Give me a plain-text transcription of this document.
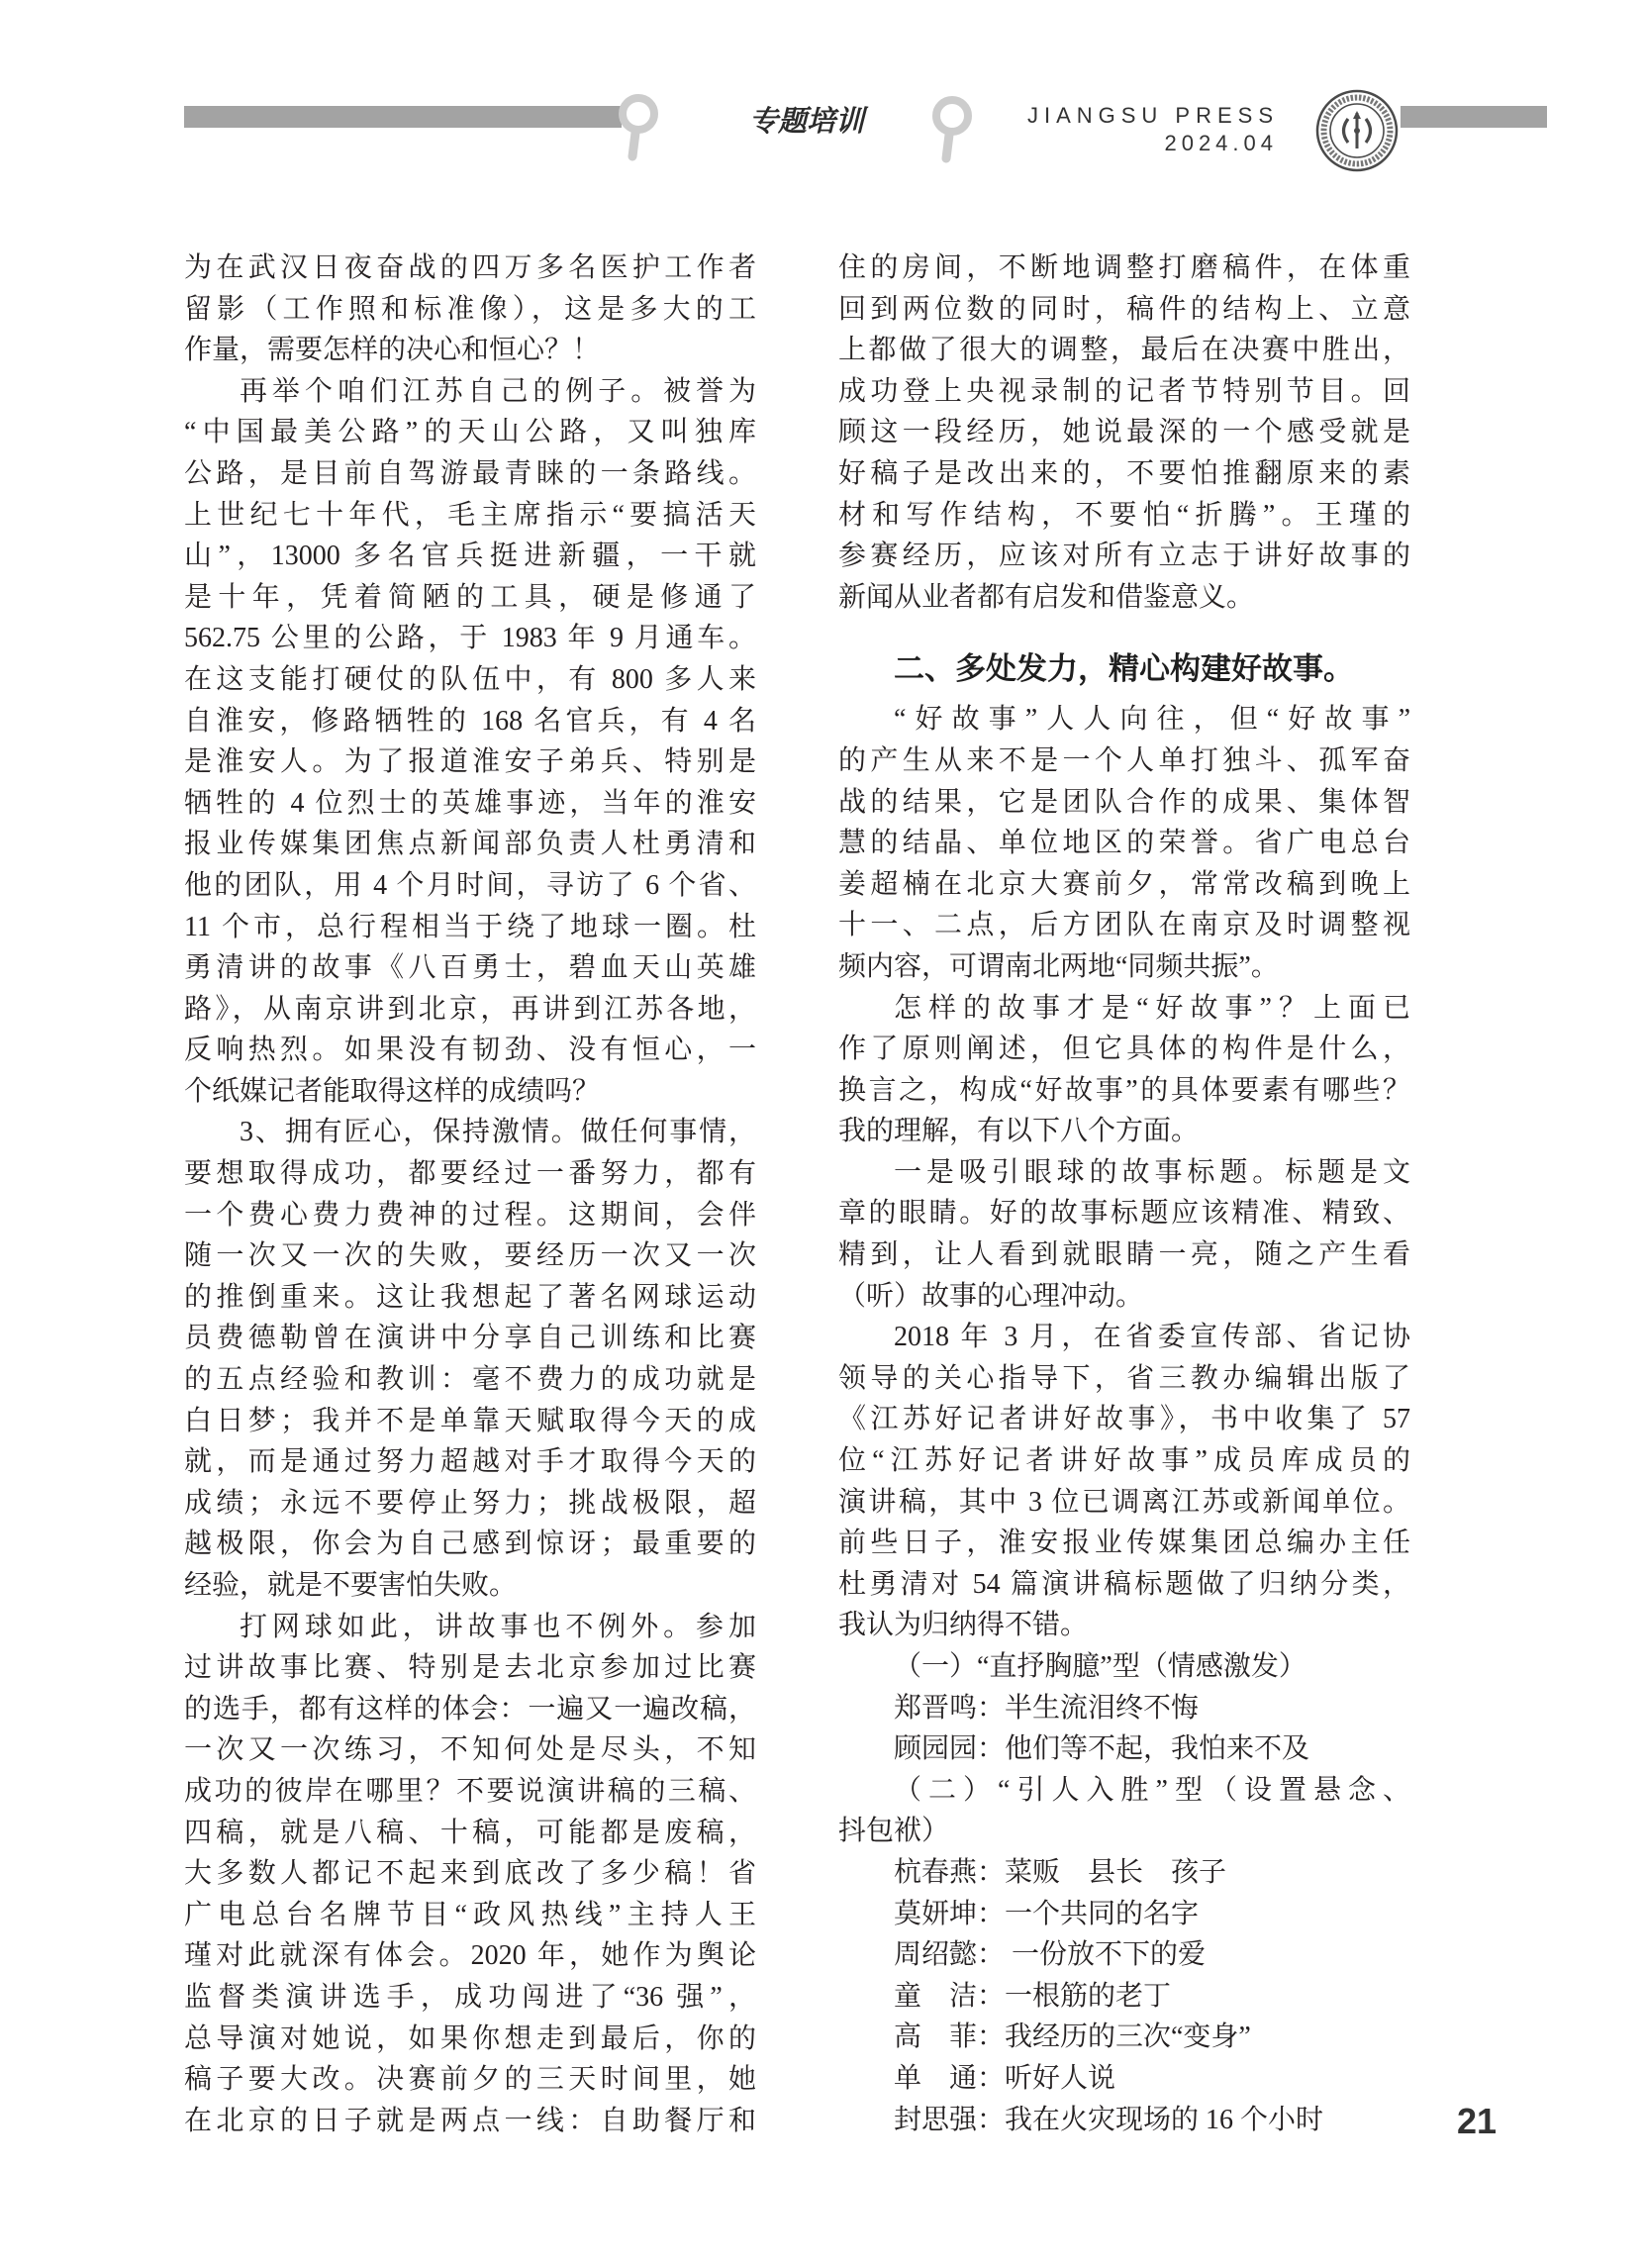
专题培训	JIANGSU PRESS
2024.04
为在武汉日夜奋战的四万多名医护工作者
留影（工作照和标准像），这是多大的工
作量，需要怎样的决心和恒心？！
再举个咱们江苏自己的例子。被誉为
“中国最美公路”的天山公路，又叫独库
公路，是目前自驾游最青睐的一条路线。
上世纪七十年代，毛主席指示“要搞活天
山”，13000 多名官兵挺进新疆，一干就
是十年，凭着简陋的工具，硬是修通了
562.75 公里的公路，于 1983 年 9 月通车。
在这支能打硬仗的队伍中，有 800 多人来
自淮安，修路牺牲的 168 名官兵，有 4 名
是淮安人。为了报道淮安子弟兵、特别是
牺牲的 4 位烈士的英雄事迹，当年的淮安
报业传媒集团焦点新闻部负责人杜勇清和
他的团队，用 4 个月时间，寻访了 6 个省、
11 个市，总行程相当于绕了地球一圈。杜
勇清讲的故事《八百勇士，碧血天山英雄
路》，从南京讲到北京，再讲到江苏各地，
反响热烈。如果没有韧劲、没有恒心，一
个纸媒记者能取得这样的成绩吗？
3、拥有匠心，保持激情。做任何事情，
要想取得成功，都要经过一番努力，都有
一个费心费力费神的过程。这期间，会伴
随一次又一次的失败，要经历一次又一次
的推倒重来。这让我想起了著名网球运动
员费德勒曾在演讲中分享自己训练和比赛
的五点经验和教训：毫不费力的成功就是
白日梦；我并不是单靠天赋取得今天的成
就，而是通过努力超越对手才取得今天的
成绩；永远不要停止努力；挑战极限，超
越极限，你会为自己感到惊讶；最重要的
经验，就是不要害怕失败。
打网球如此，讲故事也不例外。参加
过讲故事比赛、特别是去北京参加过比赛
的选手，都有这样的体会：一遍又一遍改稿，
一次又一次练习，不知何处是尽头，不知
成功的彼岸在哪里？不要说演讲稿的三稿、
四稿，就是八稿、十稿，可能都是废稿，
大多数人都记不起来到底改了多少稿！省
广电总台名牌节目“政风热线”主持人王
瑾对此就深有体会。2020 年，她作为舆论
监督类演讲选手，成功闯进了“36 强”，
总导演对她说，如果你想走到最后，你的
稿子要大改。决赛前夕的三天时间里，她
在北京的日子就是两点一线：自助餐厅和
住的房间，不断地调整打磨稿件，在体重
回到两位数的同时，稿件的结构上、立意
上都做了很大的调整，最后在决赛中胜出，
成功登上央视录制的记者节特别节目。回
顾这一段经历，她说最深的一个感受就是
好稿子是改出来的，不要怕推翻原来的素
材和写作结构，不要怕“折腾”。王瑾的
参赛经历，应该对所有立志于讲好故事的
新闻从业者都有启发和借鉴意义。
二、多处发力，精心构建好故事。
“好故事”人人向往，但“好故事”
的产生从来不是一个人单打独斗、孤军奋
战的结果，它是团队合作的成果、集体智
慧的结晶、单位地区的荣誉。省广电总台
姜超楠在北京大赛前夕，常常改稿到晚上
十一、二点，后方团队在南京及时调整视
频内容，可谓南北两地“同频共振”。
怎样的故事才是“好故事”？上面已
作了原则阐述，但它具体的构件是什么，
换言之，构成“好故事”的具体要素有哪些？
我的理解，有以下八个方面。
一是吸引眼球的故事标题。标题是文
章的眼睛。好的故事标题应该精准、精致、
精到，让人看到就眼睛一亮，随之产生看
（听）故事的心理冲动。
2018 年 3 月，在省委宣传部、省记协
领导的关心指导下，省三教办编辑出版了
《江苏好记者讲好故事》，书中收集了 57
位“江苏好记者讲好故事”成员库成员的
演讲稿，其中 3 位已调离江苏或新闻单位。
前些日子，淮安报业传媒集团总编办主任
杜勇清对 54 篇演讲稿标题做了归纳分类，
我认为归纳得不错。
（一）“直抒胸臆”型（情感激发）
郑晋鸣：半生流泪终不悔
顾园园：他们等不起，我怕来不及
（二）“引人入胜”型（设置悬念、
抖包袱）
杭春燕：菜贩　县长　孩子
莫妍坤：一个共同的名字
周绍懿： 一份放不下的爱
童　洁：一根筋的老丁
高　菲：我经历的三次“变身”
单　通：听好人说
封思强：我在火灾现场的 16 个小时	21
